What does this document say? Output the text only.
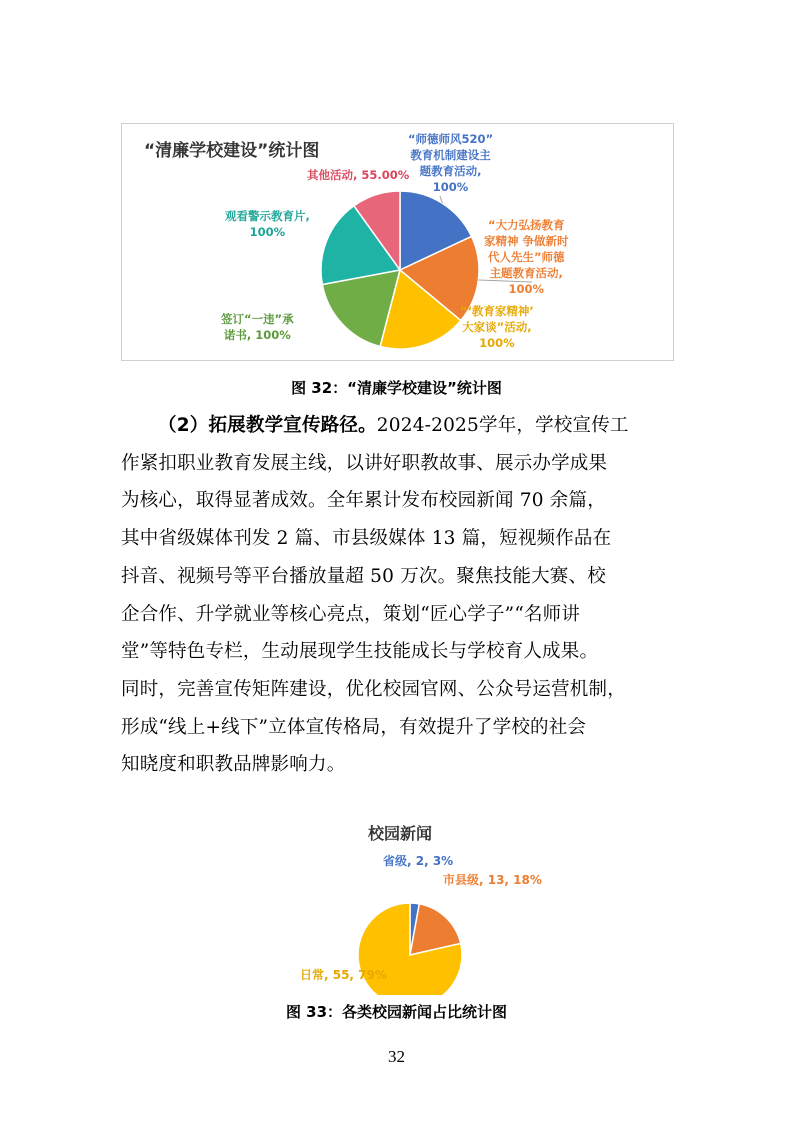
“清廉学校建设”统计图
“师德师风520”
教育机制建设主
题教育活动,
100%
“大力弘扬教育
家精神 争做新时
代人先生”师德
主题教育活动,
100%
“‘教育家精神’
大家谈”活动,
100%
签订“一违”承
诺书, 100%
观看警示教育片,
100%
其他活动, 55.00%
图 32：“清廉学校建设”统计图
（2）拓展教学宣传路径。2024-2025学年，学校宣传工
作紧扣职业教育发展主线，以讲好职教故事、展示办学成果
为核心，取得显著成效。全年累计发布校园新闻 70 余篇，
其中省级媒体刊发 2 篇、市县级媒体 13 篇，短视频作品在
抖音、视频号等平台播放量超 50 万次。聚焦技能大赛、校
企合作、升学就业等核心亮点，策划“匠心学子”“名师讲
堂”等特色专栏，生动展现学生技能成长与学校育人成果。
同时，完善宣传矩阵建设，优化校园官网、公众号运营机制，
形成“线上+线下”立体宣传格局，有效提升了学校的社会
知晓度和职教品牌影响力。
校园新闻
省级, 2, 3%
市县级, 13, 18%
日常, 55, 79%
图 33：各类校园新闻占比统计图
32
